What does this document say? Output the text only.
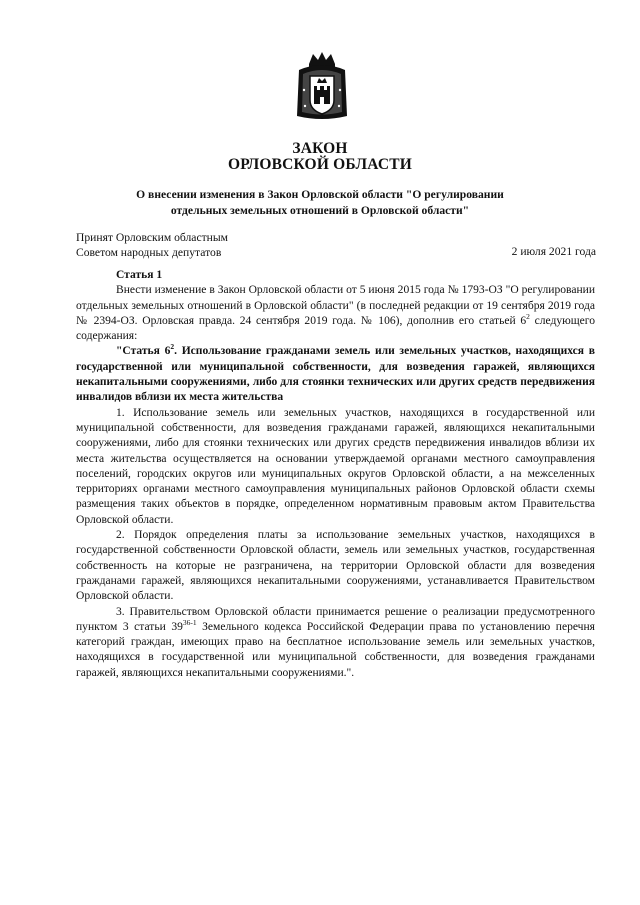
ЗАКОН
ОРЛОВСКОЙ ОБЛАСТИ
О внесении изменения в Закон Орловской области "О регулировании отдельных земельных отношений в Орловской области"
Принят Орловским областным
Советом народных депутатов	2 июля 2021 года

Статья 1

Внести изменение в Закон Орловской области от 5 июня 2015 года № 1793-ОЗ "О регулировании отдельных земельных отношений в Орловской области" (в последней редакции от 19 сентября 2019 года № 2394-ОЗ. Орловская правда. 24 сентября 2019 года. № 106), дополнив его статьей $6^2$ следующего содержания:

"Статья $6^2$. Использование гражданами земель или земельных участков, находящихся в государственной или муниципальной собственности, для возведения гаражей, являющихся некапитальными сооружениями, либо для стоянки технических или других средств передвижения инвалидов вблизи их места жительства

1. Использование земель или земельных участков, находящихся в государственной или муниципальной собственности, для возведения гражданами гаражей, являющихся некапитальными сооружениями, либо для стоянки технических или других средств передвижения инвалидов вблизи их места жительства осуществляется на основании утверждаемой органами местного самоуправления поселений, городских округов или муниципальных округов Орловской области, а на межселенных территориях органами местного самоуправления муниципальных районов Орловской области схемы размещения таких объектов в порядке, определенном нормативным правовым актом Правительства Орловской области.

2. Порядок определения платы за использование земельных участков, находящихся в государственной собственности Орловской области, земель или земельных участков, государственная собственность на которые не разграничена, на территории Орловской области для возведения гражданами гаражей, являющихся некапитальными сооружениями, устанавливается Правительством Орловской области.

3. Правительством Орловской области принимается решение о реализации предусмотренного пунктом 3 статьи 39$^{36-1}$ Земельного кодекса Российской Федерации права по установлению перечня категорий граждан, имеющих право на бесплатное использование земель или земельных участков, находящихся в государственной или муниципальной собственности, для возведения гражданами гаражей, являющихся некапитальными сооружениями.".
